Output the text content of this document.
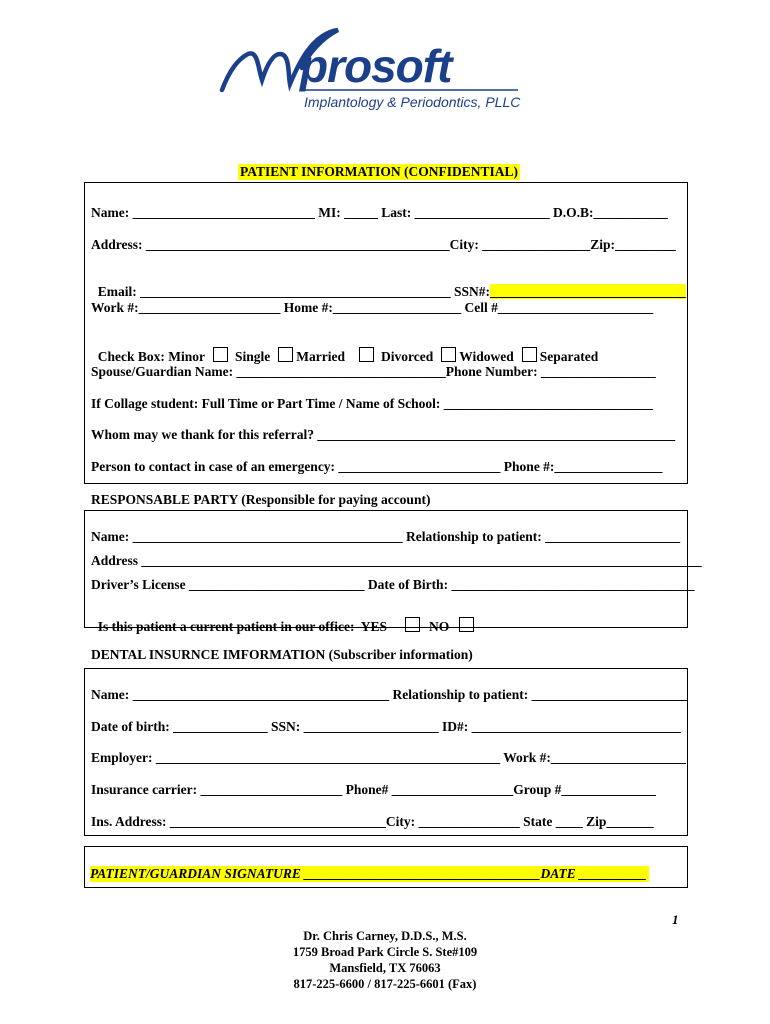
prosoft
Implantology & Periodontics, PLLC
PATIENT INFORMATION (CONFIDENTIAL)
Name: ___________________________ MI: _____ Last: ____________________ D.O.B:___________
Address: _____________________________________________City: ________________Zip:_________

Email: ______________________________________________ SSN#:_____________________________

Work #:_____________________ Home #:___________________ Cell #_______________________

Check Box: Minor Single Married	Divorced Widowed Separated

Spouse/Guardian Name: _______________________________Phone Number: _________________
If Collage student: Full Time or Part Time / Name of School: _______________________________
Whom may we thank for this referral? _____________________________________________________
Person to contact in case of an emergency: ________________________ Phone #:________________
RESPONSABLE PARTY (Responsible for paying account)
Name: ________________________________________ Relationship to patient: ____________________
Address ___________________________________________________________________________________
Driver’s License __________________________ Date of Birth: ____________________________________

Is this patient a current patient in our office:  YES	NO

DENTAL INSURNCE IMFORMATION (Subscriber information)
Name: ______________________________________ Relationship to patient: _______________________
Date of birth: ______________ SSN: ____________________ ID#: _______________________________
Employer: ___________________________________________________ Work #:____________________
Insurance carrier: _____________________ Phone# __________________Group #______________
Ins. Address: ________________________________City: _______________ State ____ Zip_______
PATIENT/GUARDIAN SIGNATURE ___________________________________DATE __________
1
Dr. Chris Carney, D.D.S., M.S.
1759 Broad Park Circle S. Ste#109
Mansfield, TX 76063
817-225-6600 / 817-225-6601 (Fax)
